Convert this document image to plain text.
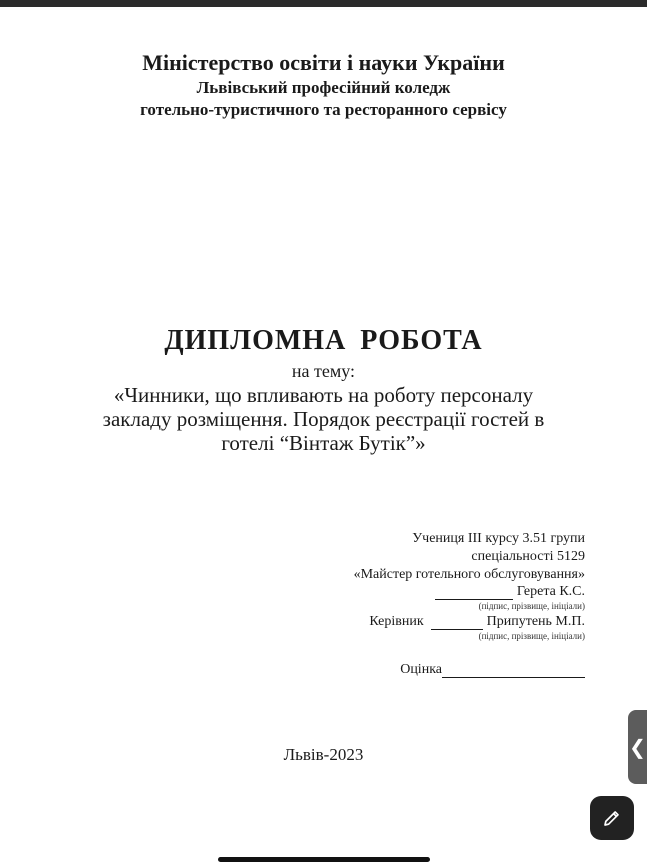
Міністерство освіти і науки України
Львівський професійний коледж
готельно-туристичного та ресторанного сервісу
ДИПЛОМНА РОБОТА
на тему:
«Чинники, що впливають на роботу персоналу
закладу розміщення. Порядок реєстрації гостей в
готелі “Вінтаж Бутік”»
Учениця ІІІ курсу 3.51 групи
спеціальності 5129
«Майстер готельного обслуговування»
Герета К.С.
(підпис, прізвище, ініціали)
Керівник	Припутень М.П.
(підпис, прізвище, ініціали)
Оцінка
Львів-2023	❮
